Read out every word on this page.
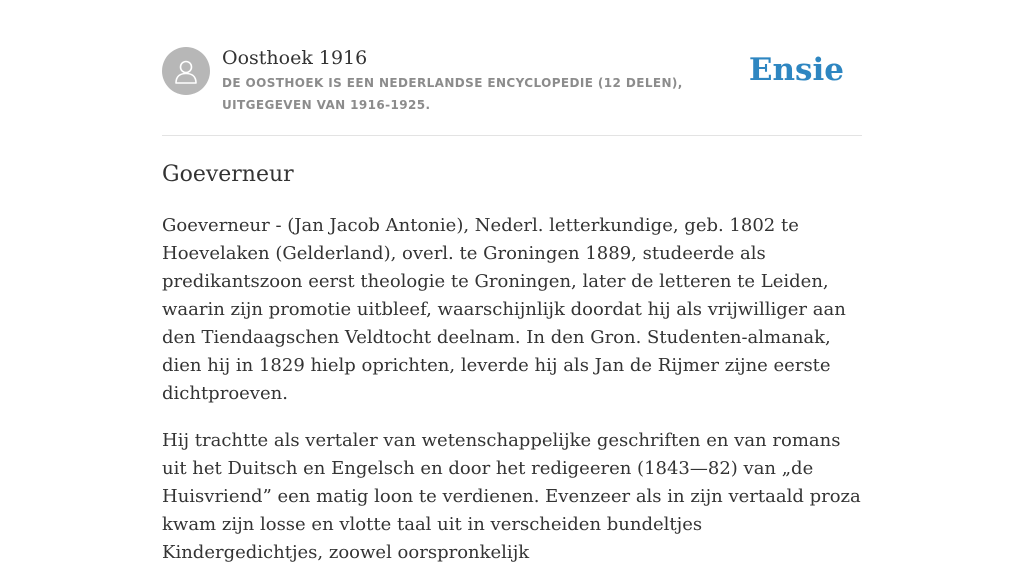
Oosthoek 1916

DE OOSTHOEK IS EEN NEDERLANDSE ENCYCLOPEDIE (12 DELEN), UITGEGEVEN VAN 1916-1925.

Ensie
Goeverneur

Goeverneur - (Jan Jacob Antonie), Nederl. letterkundige, geb. 1802 te Hoevelaken (Gelderland), overl. te Groningen 1889, studeerde als predikantszoon eerst theologie te Groningen, later de letteren te Leiden, waarin zijn promotie uitbleef, waarschijnlijk doordat hij als vrijwilliger aan den Tiendaagschen Veldtocht deelnam. In den Gron. Studenten-almanak, dien hij in 1829 hielp oprichten, leverde hij als Jan de Rijmer zijne eerste dichtproeven.

Hij trachtte als vertaler van wetenschappelijke geschriften en van romans uit het Duitsch en Engelsch en door het redigeeren (1843—82) van „de Huisvriend” een matig loon te verdienen. Evenzeer als in zijn vertaald proza kwam zijn losse en vlotte taal uit in verscheiden bundeltjes Kindergedichtjes, zoowel oorspronkelijk
